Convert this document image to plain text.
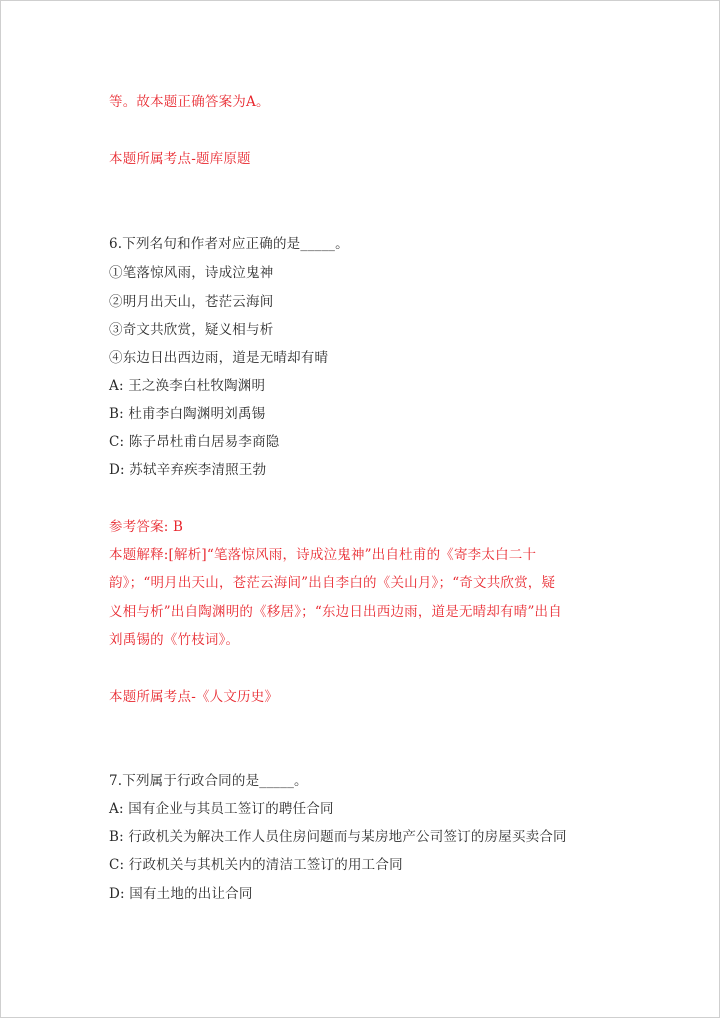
等。故本题正确答案为A。
本题所属考点-题库原题
6.下列名句和作者对应正确的是_____。
①笔落惊风雨，诗成泣鬼神
②明月出天山，苍茫云海间
③奇文共欣赏，疑义相与析
④东边日出西边雨，道是无晴却有晴
A: 王之涣李白杜牧陶渊明
B: 杜甫李白陶渊明刘禹锡
C: 陈子昂杜甫白居易李商隐
D: 苏轼辛弃疾李清照王勃
参考答案: B
本题解释:[解析]“笔落惊风雨，诗成泣鬼神”出自杜甫的《寄李太白二十
韵》；“明月出天山，苍茫云海间”出自李白的《关山月》；“奇文共欣赏，疑
义相与析”出自陶渊明的《移居》；“东边日出西边雨，道是无晴却有晴”出自
刘禹锡的《竹枝词》。
本题所属考点-《人文历史》
7.下列属于行政合同的是_____。
A: 国有企业与其员工签订的聘任合同
B: 行政机关为解决工作人员住房问题而与某房地产公司签订的房屋买卖合同
C: 行政机关与其机关内的清洁工签订的用工合同
D: 国有土地的出让合同
